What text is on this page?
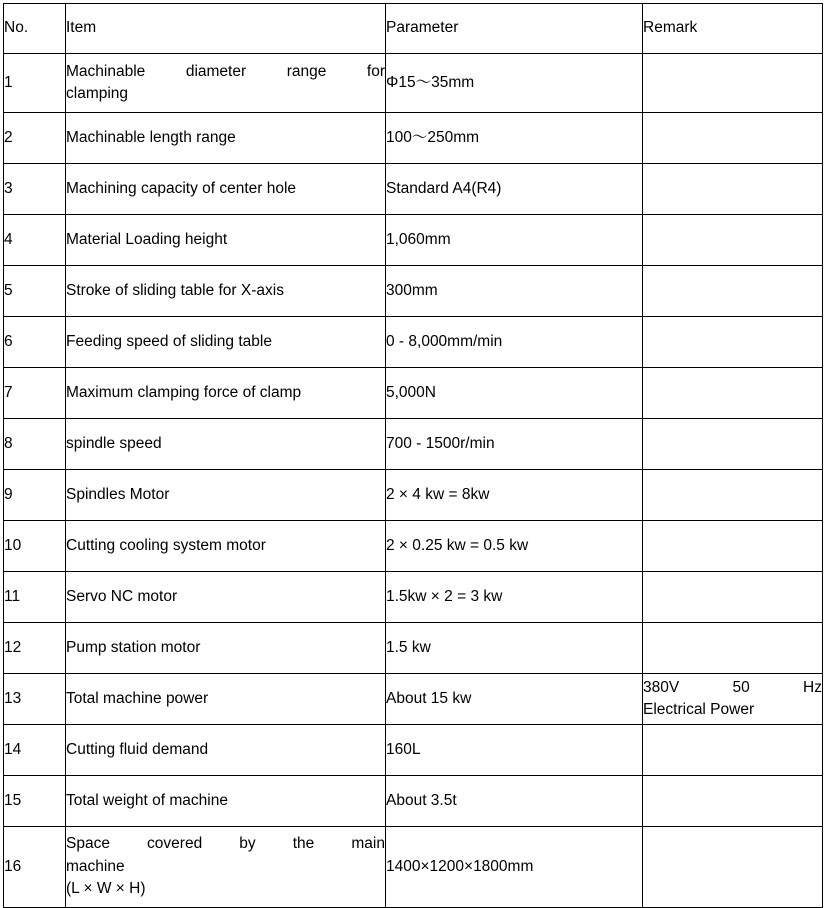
No.	Item	Parameter	Remark
1	Machinable diameter range for
clamping	Φ15～35mm	
2	Machinable length range	100～250mm	
3	Machining capacity of center hole	Standard A4(R4)	
4	Material Loading height	1,060mm	
5	Stroke of sliding table for X-axis	300mm	
6	Feeding speed of sliding table	0 - 8,000mm/min	
7	Maximum clamping force of clamp	5,000N	
8	spindle speed	700 - 1500r/min	
9	Spindles Motor	2 × 4 kw = 8kw	
10	Cutting cooling system motor	2 × 0.25 kw = 0.5 kw	
11	Servo NC motor	1.5kw × 2 = 3 kw	
12	Pump station motor	1.5 kw	
13	Total machine power	About 15 kw	380V 50 Hz
Electrical Power

14	Cutting fluid demand	160L	
15	Total weight of machine	About 3.5t	
16	Space covered by the main
machine
(L × W × H)	1400×1200×1800mm	
